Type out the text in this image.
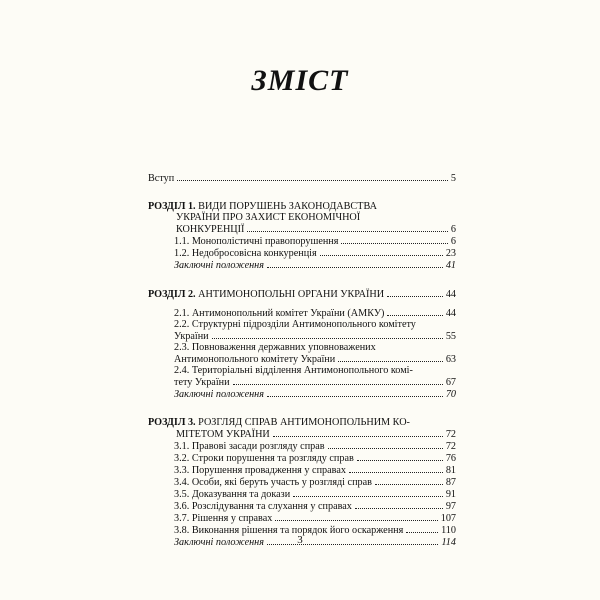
ЗМІСТ
Вступ	5
РОЗДІЛ 1. ВИДИ ПОРУШЕНЬ ЗАКОНОДАВСТВА
УКРАЇНИ ПРО ЗАХИСТ ЕКОНОМІЧНОЇ
КОНКУРЕНЦІЇ	6
1.1. Монополістичні правопорушення	6
1.2. Недобросовісна конкуренція	23
Заключні положення	41
РОЗДІЛ 2. АНТИМОНОПОЛЬНІ ОРГАНИ УКРАЇНИ	44
2.1. Антимонопольний комітет України (АМКУ)	44
2.2. Структурні підрозділи Антимонопольного комітету
України	55
2.3. Повноваження державних уповноважених
Антимонопольного комітету України	63
2.4. Територіальні відділення Антимонопольного комі-
тету України	67
Заключні положення	70
РОЗДІЛ 3. РОЗГЛЯД СПРАВ АНТИМОНОПОЛЬНИМ КО-
МІТЕТОМ УКРАЇНИ	72
3.1. Правові засади розгляду справ	72
3.2. Строки порушення та розгляду справ	76
3.3. Порушення провадження у справах	81
3.4. Особи, які беруть участь у розгляді справ	87
3.5. Доказування та докази	91
3.6. Розслідування та слухання у справах	97
3.7. Рішення у справах	107
3.8. Виконання рішення та порядок його оскарження	110
Заключні положення	114
3
